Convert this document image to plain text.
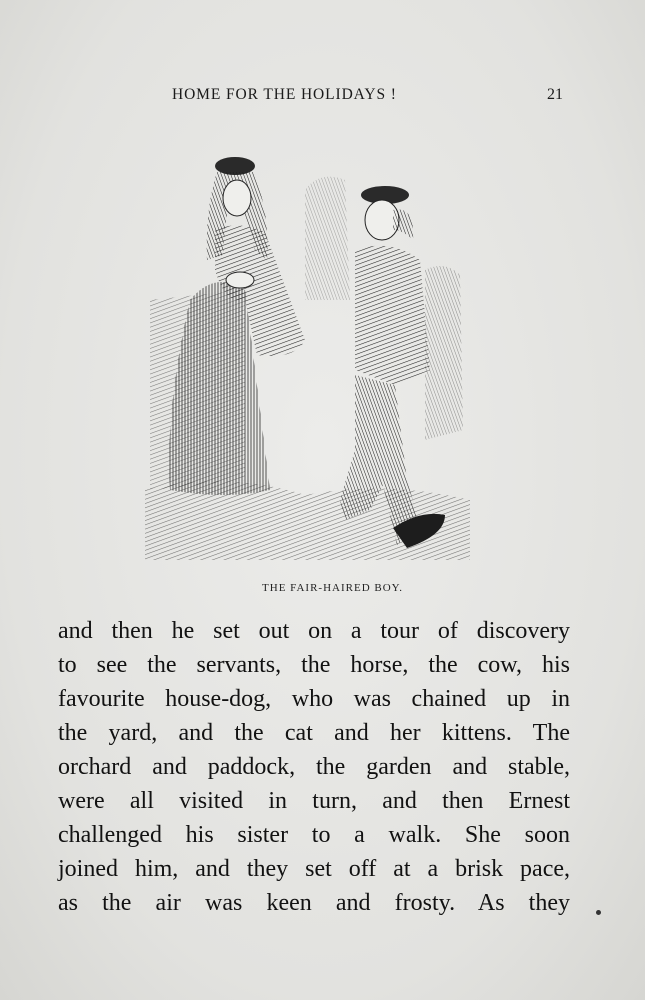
HOME FOR THE HOLIDAYS !	21
THE FAIR-HAIRED BOY.
and then he set out on a tour of discovery
to see the servants, the horse, the cow, his
favourite house-dog, who was chained up in
the yard, and the cat and her kittens. The
orchard and paddock, the garden and stable,
were all visited in turn, and then Ernest
challenged his sister to a walk. She soon
joined him, and they set off at a brisk pace,
as the air was keen and frosty. As they
